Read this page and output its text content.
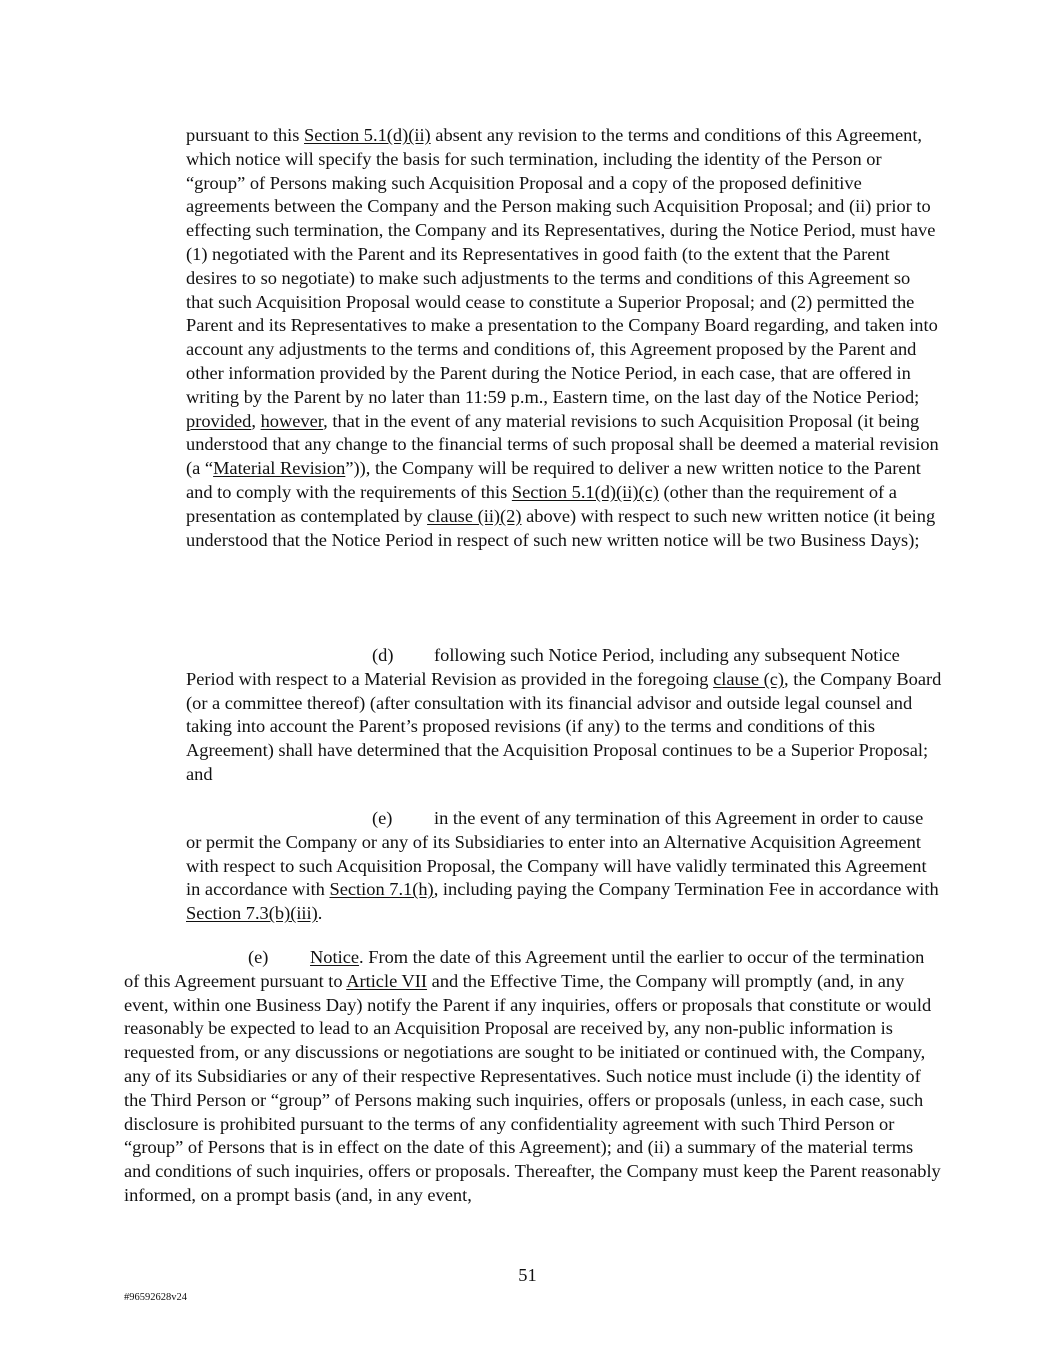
pursuant to this Section 5.1(d)(ii) absent any revision to the terms and conditions of this Agreement, which notice will specify the basis for such termination, including the identity of the Person or “group” of Persons making such Acquisition Proposal and a copy of the proposed definitive agreements between the Company and the Person making such Acquisition Proposal; and (ii) prior to effecting such termination, the Company and its Representatives, during the Notice Period, must have (1) negotiated with the Parent and its Representatives in good faith (to the extent that the Parent desires to so negotiate) to make such adjustments to the terms and conditions of this Agreement so that such Acquisition Proposal would cease to constitute a Superior Proposal; and (2) permitted the Parent and its Representatives to make a presentation to the Company Board regarding, and taken into account any adjustments to the terms and conditions of, this Agreement proposed by the Parent and other information provided by the Parent during the Notice Period, in each case, that are offered in writing by the Parent by no later than 11:59 p.m., Eastern time, on the last day of the Notice Period; provided, however, that in the event of any material revisions to such Acquisition Proposal (it being understood that any change to the financial terms of such proposal shall be deemed a material revision (a “Material Revision”)), the Company will be required to deliver a new written notice to the Parent and to comply with the requirements of this Section 5.1(d)(ii)(c) (other than the requirement of a presentation as contemplated by clause (ii)(2) above) with respect to such new written notice (it being understood that the Notice Period in respect of such new written notice will be two Business Days);

(d) following such Notice Period, including any subsequent Notice Period with respect to a Material Revision as provided in the foregoing clause (c), the Company Board (or a committee thereof) (after consultation with its financial advisor and outside legal counsel and taking into account the Parent’s proposed revisions (if any) to the terms and conditions of this Agreement) shall have determined that the Acquisition Proposal continues to be a Superior Proposal; and

(e) in the event of any termination of this Agreement in order to cause or permit the Company or any of its Subsidiaries to enter into an Alternative Acquisition Agreement with respect to such Acquisition Proposal, the Company will have validly terminated this Agreement in accordance with Section 7.1(h), including paying the Company Termination Fee in accordance with Section 7.3(b)(iii).

(e) Notice. From the date of this Agreement until the earlier to occur of the termination of this Agreement pursuant to Article VII and the Effective Time, the Company will promptly (and, in any event, within one Business Day) notify the Parent if any inquiries, offers or proposals that constitute or would reasonably be expected to lead to an Acquisition Proposal are received by, any non-public information is requested from, or any discussions or negotiations are sought to be initiated or continued with, the Company, any of its Subsidiaries or any of their respective Representatives. Such notice must include (i) the identity of the Third Person or “group” of Persons making such inquiries, offers or proposals (unless, in each case, such disclosure is prohibited pursuant to the terms of any confidentiality agreement with such Third Person or “group” of Persons that is in effect on the date of this Agreement); and (ii) a summary of the material terms and conditions of such inquiries, offers or proposals. Thereafter, the Company must keep the Parent reasonably informed, on a prompt basis (and, in any event,

51
#96592628v24
